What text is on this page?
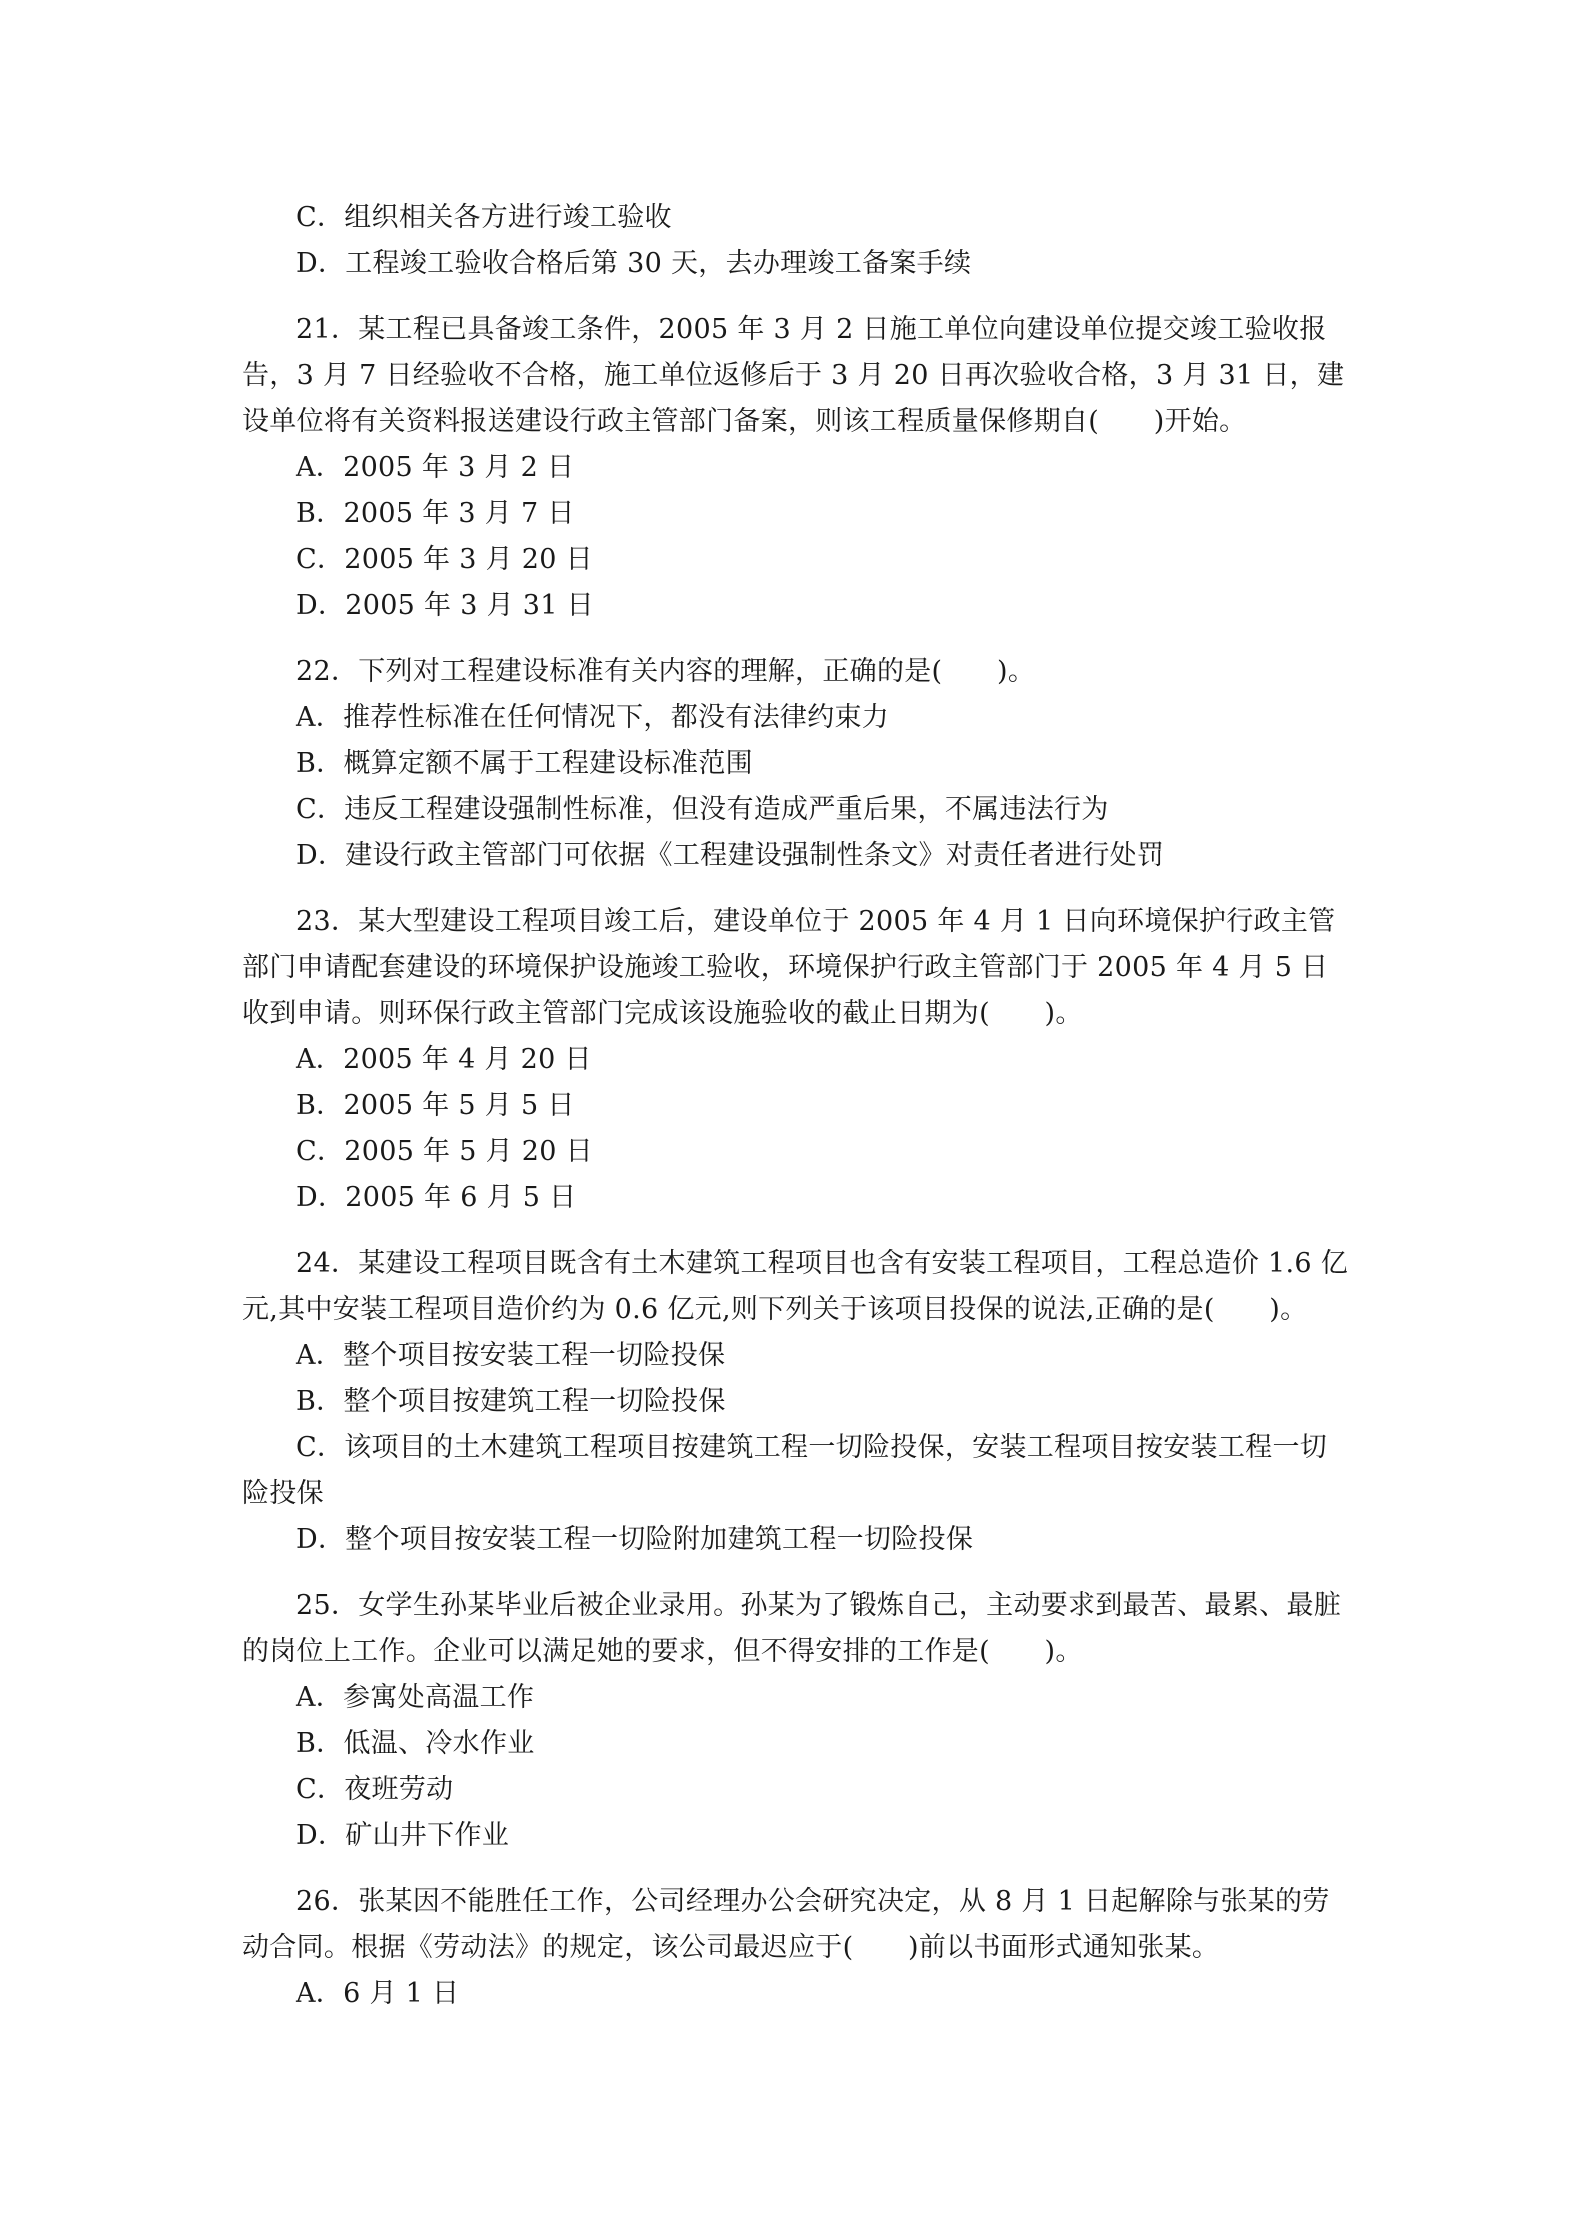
C．组织相关各方进行竣工验收

D．工程竣工验收合格后第 30 天，去办理竣工备案手续

21．某工程已具备竣工条件，2005 年 3 月 2 日施工单位向建设单位提交竣工验收报告，3 月 7 日经验收不合格，施工单位返修后于 3 月 20 日再次验收合格，3 月 31 日，建设单位将有关资料报送建设行政主管部门备案，则该工程质量保修期自(　　)开始。

A．2005 年 3 月 2 日

B．2005 年 3 月 7 日

C．2005 年 3 月 20 日

D．2005 年 3 月 31 日

22．下列对工程建设标准有关内容的理解，正确的是(　　)。

A．推荐性标准在任何情况下，都没有法律约束力

B．概算定额不属于工程建设标准范围

C．违反工程建设强制性标准，但没有造成严重后果，不属违法行为

D．建设行政主管部门可依据《工程建设强制性条文》对责任者进行处罚

23．某大型建设工程项目竣工后，建设单位于 2005 年 4 月 1 日向环境保护行政主管部门申请配套建设的环境保护设施竣工验收，环境保护行政主管部门于 2005 年 4 月 5 日收到申请。则环保行政主管部门完成该设施验收的截止日期为(　　)。

A．2005 年 4 月 20 日

B．2005 年 5 月 5 日

C．2005 年 5 月 20 日

D．2005 年 6 月 5 日

24．某建设工程项目既含有土木建筑工程项目也含有安装工程项目，工程总造价 1.6 亿元,其中安装工程项目造价约为 0.6 亿元,则下列关于该项目投保的说法,正确的是(　　)。

A．整个项目按安装工程一切险投保

B．整个项目按建筑工程一切险投保

C．该项目的土木建筑工程项目按建筑工程一切险投保，安装工程项目按安装工程一切险投保

D．整个项目按安装工程一切险附加建筑工程一切险投保

25．女学生孙某毕业后被企业录用。孙某为了锻炼自己，主动要求到最苦、最累、最脏的岗位上工作。企业可以满足她的要求，但不得安排的工作是(　　)。

A．参寓处高温工作

B．低温、冷水作业

C．夜班劳动

D．矿山井下作业

26．张某因不能胜任工作，公司经理办公会研究决定，从 8 月 1 日起解除与张某的劳动合同。根据《劳动法》的规定，该公司最迟应于(　　)前以书面形式通知张某。

A．6 月 1 日
